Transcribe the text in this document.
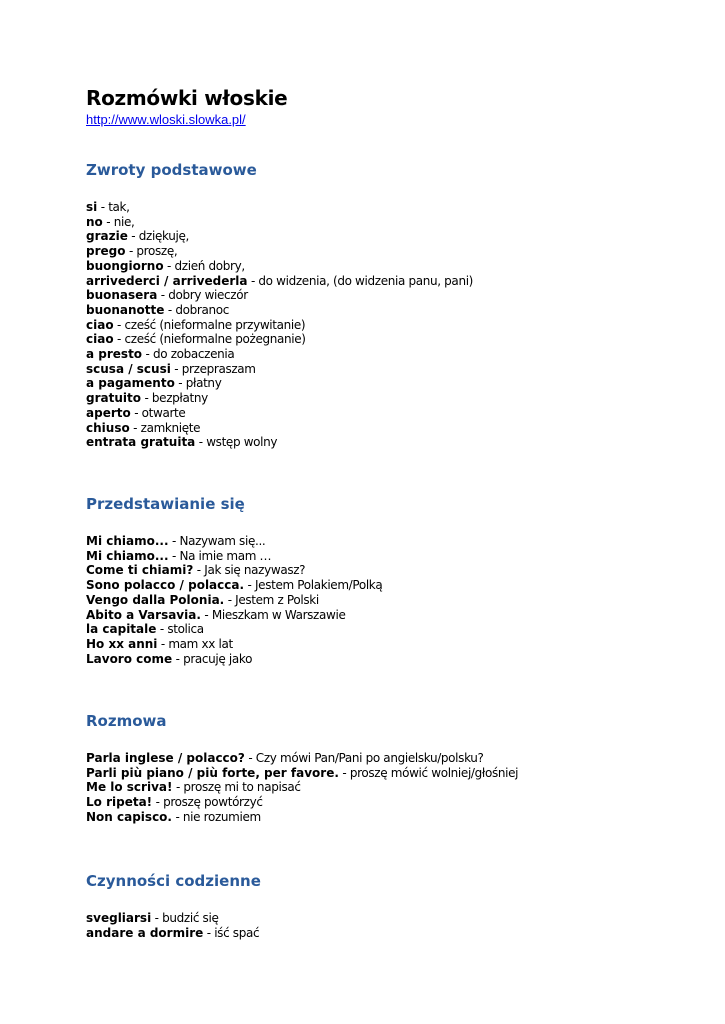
Rozmówki włoskie
http://www.wloski.slowka.pl/
Zwroty podstawowe
si - tak,
no - nie,
grazie - dziękuję,
prego - proszę,
buongiorno - dzień dobry,
arrivederci / arrivederla - do widzenia, (do widzenia panu, pani)
buonasera - dobry wieczór
buonanotte - dobranoc
ciao - cześć (nieformalne przywitanie)
ciao - cześć (nieformalne pożegnanie)
a presto - do zobaczenia
scusa / scusi - przepraszam
a pagamento - płatny
gratuito - bezpłatny
aperto - otwarte
chiuso - zamknięte
entrata gratuita - wstęp wolny
Przedstawianie się
Mi chiamo... - Nazywam się...
Mi chiamo... - Na imie mam …
Come ti chiami? - Jak się nazywasz?
Sono polacco / polacca. - Jestem Polakiem/Polką
Vengo dalla Polonia. - Jestem z Polski
Abito a Varsavia. - Mieszkam w Warszawie
la capitale - stolica
Ho xx anni - mam xx lat
Lavoro come - pracuję jako
Rozmowa
Parla inglese / polacco? - Czy mówi Pan/Pani po angielsku/polsku?
Parli più piano / più forte, per favore. - proszę mówić wolniej/głośniej
Me lo scriva! - proszę mi to napisać
Lo ripeta! - proszę powtórzyć
Non capisco. - nie rozumiem
Czynności codzienne
svegliarsi - budzić się
andare a dormire - iść spać
